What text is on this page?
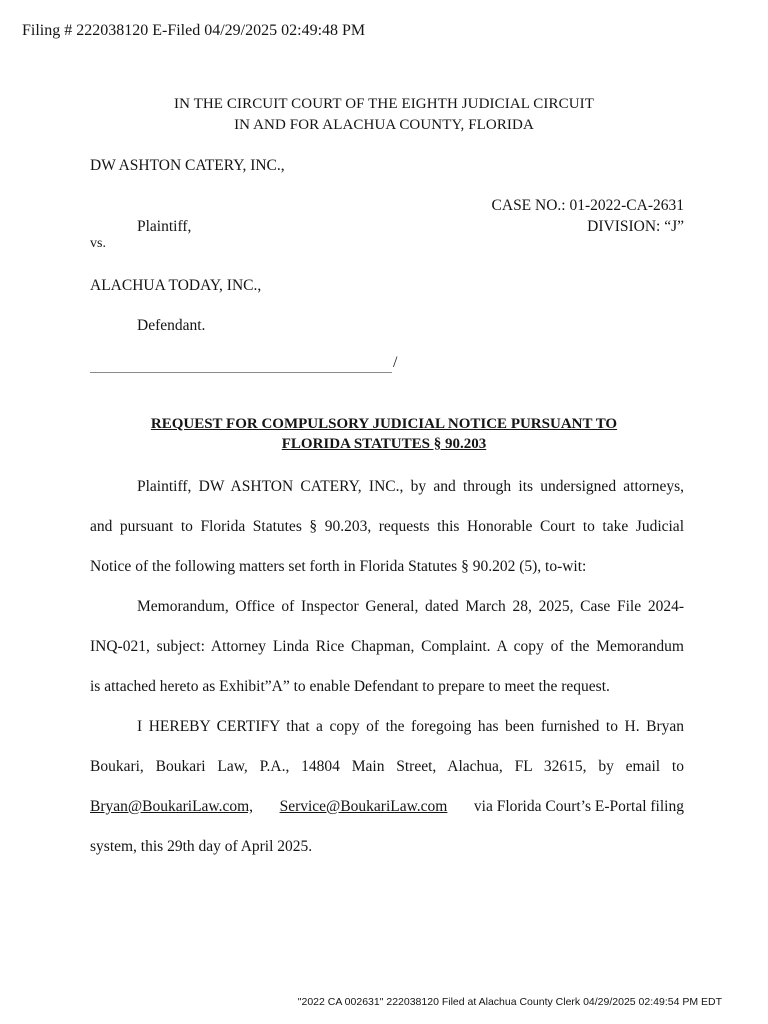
Filing # 222038120 E-Filed 04/29/2025 02:49:48 PM
IN THE CIRCUIT COURT OF THE EIGHTH JUDICIAL CIRCUIT
IN AND FOR ALACHUA COUNTY, FLORIDA
DW ASHTON CATERY, INC.,
CASE NO.: 01-2022-CA-2631
Plaintiff,	DIVISION: “J”
vs.
ALACHUA TODAY, INC.,
Defendant.
/
REQUEST FOR COMPULSORY JUDICIAL NOTICE PURSUANT TO
FLORIDA STATUTES § 90.203
Plaintiff, DW ASHTON CATERY, INC., by and through its undersigned attorneys,
and pursuant to Florida Statutes § 90.203, requests this Honorable Court to take Judicial
Notice of the following matters set forth in Florida Statutes § 90.202 (5), to-wit:
Memorandum, Office of Inspector General, dated March 28, 2025, Case File 2024-
INQ-021, subject: Attorney Linda Rice Chapman, Complaint. A copy of the Memorandum
is attached hereto as Exhibit”A” to enable Defendant to prepare to meet the request.
I HEREBY CERTIFY that a copy of the foregoing has been furnished to H. Bryan
Boukari, Boukari Law, P.A., 14804 Main Street, Alachua, FL 32615, by email to
Bryan@BoukariLaw.com, Service@BoukariLaw.com via Florida Court’s E-Portal filing
system, this 29th day of April 2025.
"2022 CA 002631" 222038120 Filed at Alachua County Clerk 04/29/2025 02:49:54 PM EDT
